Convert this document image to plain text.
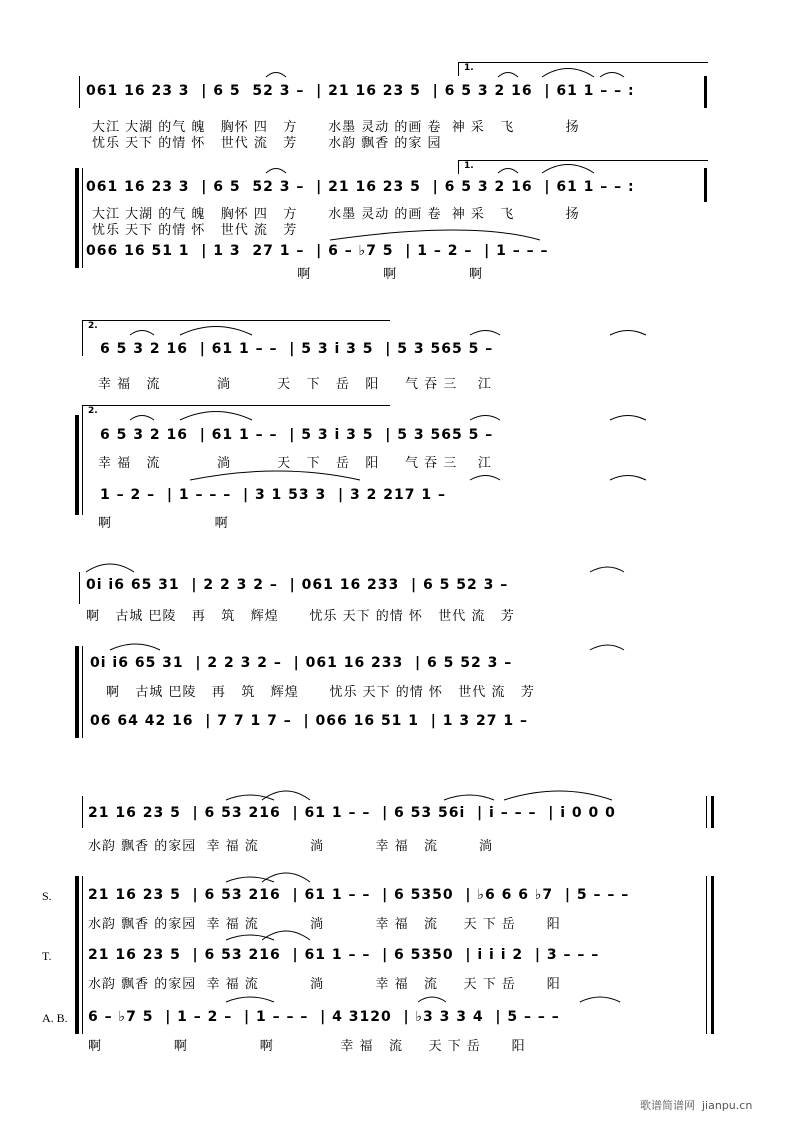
061 16 23 3  | 6 5  52 3 –  | 21 16 23 5  | 6 5 3 2 16  | 61 1 – – :
大江 大湖 的气 魄   胸怀 四   方      水墨 灵动 的画 卷  神 采   飞          扬
忧乐 天下 的情 怀   世代 流   芳      水韵 飘香 的家 园
1.
061 16 23 3  | 6 5  52 3 –  | 21 16 23 5  | 6 5 3 2 16  | 61 1 – – :
大江 大湖 的气 魄   胸怀 四   方      水墨 灵动 的画 卷  神 采   飞          扬
忧乐 天下 的情 怀   世代 流   芳
1.
066 16 51 1  | 1 3  27 1 –  | 6 – ♭7 5  | 1 – 2 –  | 1 – – –
啊              啊              啊
2.
6 5 3 2 16  | 61 1 – –  | 5 3 i 3 5  | 5 3 565 5 –
幸 福   流           淌         天   下   岳   阳     气 吞 三    江
2.
6 5 3 2 16  | 61 1 – –  | 5 3 i 3 5  | 5 3 565 5 –
幸 福   流           淌         天   下   岳   阳     气 吞 三    江
1 – 2 –  | 1 – – –  | 3 1 53 3  | 3 2 217 1 –
啊                    啊
0i i6 65 31  | 2 2 3 2 –  | 061 16 233  | 6 5 52 3 –
啊   古城 巴陵   再   筑   辉煌      忧乐 天下 的情 怀   世代 流   芳
0i i6 65 31  | 2 2 3 2 –  | 061 16 233  | 6 5 52 3 –
啊   古城 巴陵   再   筑   辉煌      忧乐 天下 的情 怀   世代 流   芳
06 64 42 16  | 7 7 1 7 –  | 066 16 51 1  | 1 3 27 1 –
21 16 23 5  | 6 53 216  | 61 1 – –  | 6 53 56i  | i – – –  | i 0 0 0
水韵 飘香 的家园  幸 福 流          淌          幸 福   流        淌
S.
T.
A. B.
21 16 23 5  | 6 53 216  | 61 1 – –  | 6 5350  | ♭6 6 6 ♭7  | 5 – – –
水韵 飘香 的家园  幸 福 流          淌          幸 福   流     天 下 岳      阳
21 16 23 5  | 6 53 216  | 61 1 – –  | 6 5350  | i i i 2  | 3 – – –
水韵 飘香 的家园  幸 福 流          淌          幸 福   流     天 下 岳      阳
6 – ♭7 5  | 1 – 2 –  | 1 – – –  | 4 3120  | ♭3 3 3 4  | 5 – – –
啊              啊              啊             幸 福   流     天 下 岳      阳
歌谱简谱网  jianpu.cn
